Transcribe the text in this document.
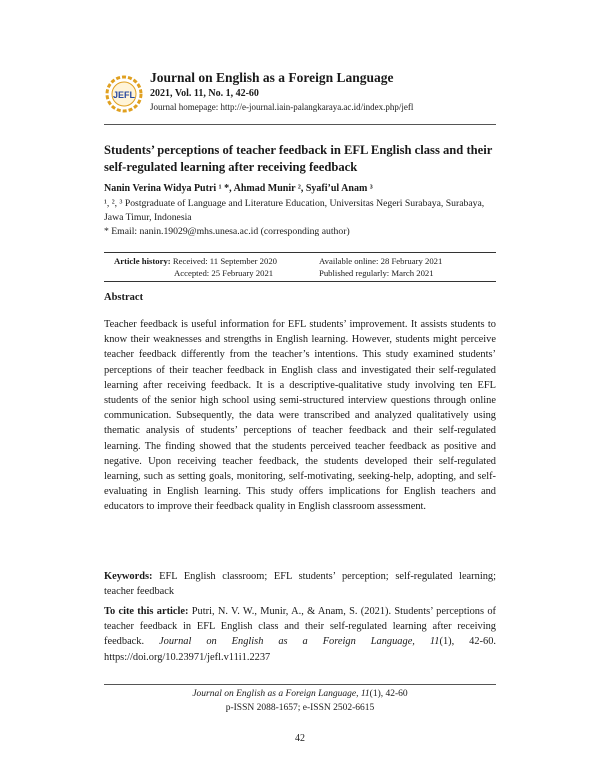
JEFL
Journal on English as a Foreign Language
2021, Vol. 11, No. 1, 42-60
Journal homepage: http://e-journal.iain-palangkaraya.ac.id/index.php/jefl
Students’ perceptions of teacher feedback in EFL English class and their self-regulated learning after receiving feedback
Nanin Verina Widya Putri ¹ *, Ahmad Munir ², Syafi’ul Anam ³
¹, ², ³ Postgraduate of Language and Literature Education, Universitas Negeri Surabaya, Surabaya, Jawa Timur, Indonesia
* Email: nanin.19029@mhs.unesa.ac.id (corresponding author)
Article history: Received: 11 September 2020
Accepted: 25 February 2021
Available online: 28 February 2021
Published regularly: March 2021
Abstract
Teacher feedback is useful information for EFL students’ improvement. It assists students to know their weaknesses and strengths in English learning. However, students might perceive teacher feedback differently from the teacher’s intentions. This study examined students’ perceptions of their teacher feedback in English class and investigated their self-regulated learning after receiving feedback. It is a descriptive-qualitative study involving ten EFL students of the senior high school using semi-structured interview questions through online communication. Subsequently, the data were transcribed and analyzed qualitatively using thematic analysis of students’ perceptions of teacher feedback and their self-regulated learning. The finding showed that the students perceived teacher feedback as positive and negative. Upon receiving teacher feedback, the students developed their self-regulated learning, such as setting goals, monitoring, self-motivating, seeking-help, adopting, and self-evaluating in English learning. This study offers implications for English teachers and educators to improve their feedback quality in English classroom assessment.
Keywords: EFL English classroom; EFL students’ perception; self-regulated learning; teacher feedback
To cite this article: Putri, N. V. W., Munir, A., & Anam, S. (2021). Students’ perceptions of teacher feedback in EFL English class and their self-regulated learning after receiving feedback. Journal on English as a Foreign Language, 11(1), 42-60. https://doi.org/10.23971/jefl.v11i1.2237
Journal on English as a Foreign Language, 11(1), 42-60
p-ISSN 2088-1657; e-ISSN 2502-6615
42
